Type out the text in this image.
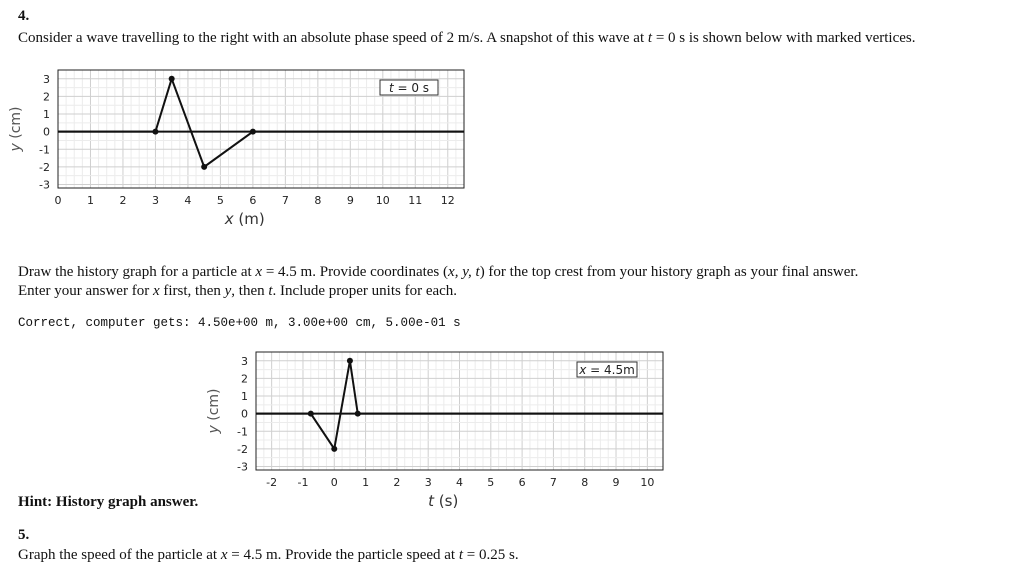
4.
Consider a wave travelling to the right with an absolute phase speed of 2 m/s. A snapshot of this wave at t = 0 s is shown below with marked vertices.
0 1 2 3 4 5 6 7 8 9 10 11 12
3
2
1
0
-1
-2
-3
x (m)
y (cm)
t = 0 s
Draw the history graph for a particle at x = 4.5 m. Provide coordinates (x, y, t) for the top crest from your history graph as your final answer.
Enter your answer for x first, then y, then t. Include proper units for each.
Correct, computer gets: 4.50e+00 m, 3.00e+00 cm, 5.00e-01 s
-2 -1 0 1 2 3 4 5 6 7 8 9 10
3
2
1
0
-1
-2
-3
t (s)
y (cm)
x = 4.5m
Hint: History graph answer.
5.
Graph the speed of the particle at x = 4.5 m. Provide the particle speed at t = 0.25 s.
